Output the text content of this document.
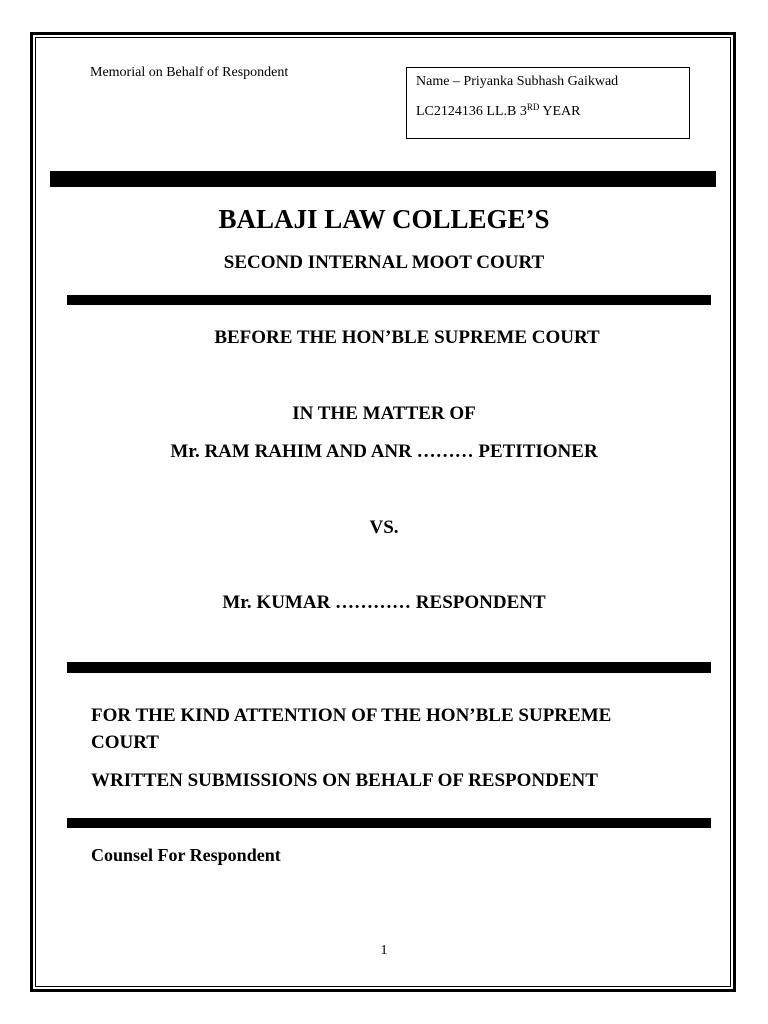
Memorial on Behalf of Respondent
Name – Priyanka Subhash Gaikwad
LC2124136 LL.B 3RD YEAR
BALAJI LAW COLLEGE’S
SECOND INTERNAL MOOT COURT
BEFORE THE HON’BLE SUPREME COURT
IN THE MATTER OF
Mr. RAM RAHIM AND ANR ……… PETITIONER
VS.
Mr. KUMAR ………… RESPONDENT
FOR THE KIND ATTENTION OF THE HON’BLE SUPREME
COURT
WRITTEN SUBMISSIONS ON BEHALF OF RESPONDENT
Counsel For Respondent
1
